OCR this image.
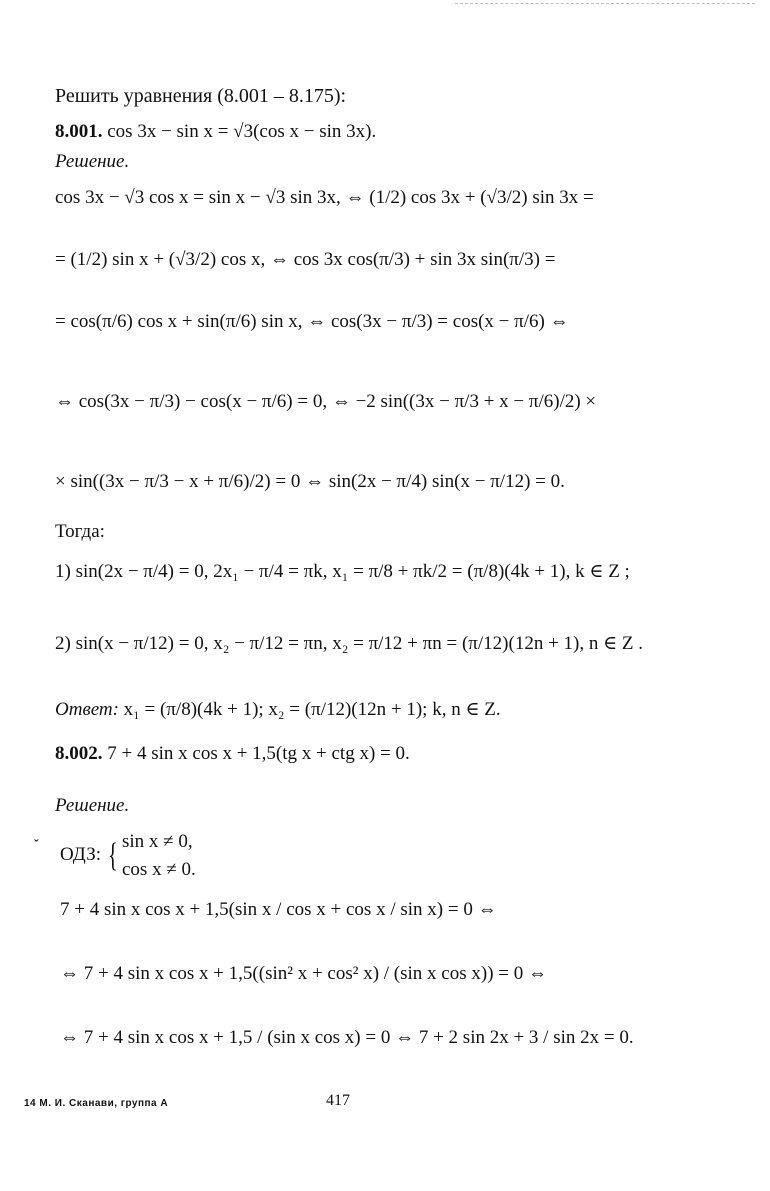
Решить уравнения (8.001 – 8.175):
8.001. cos 3x − sin x = √3(cos x − sin 3x).
Решение.
cos 3x − √3 cos x = sin x − √3 sin 3x, ⇔ (1/2) cos 3x + (√3/2) sin 3x =
= (1/2) sin x + (√3/2) cos x, ⇔ cos 3x cos(π/3) + sin 3x sin(π/3) =
= cos(π/6) cos x + sin(π/6) sin x, ⇔ cos(3x − π/3) = cos(x − π/6) ⇔
⇔ cos(3x − π/3) − cos(x − π/6) = 0, ⇔ −2 sin((3x − π/3 + x − π/6)/2) ×
× sin((3x − π/3 − x + π/6)/2) = 0 ⇔ sin(2x − π/4) sin(x − π/12) = 0.
Тогда:
1) sin(2x − π/4) = 0, 2x₁ − π/4 = πk, x₁ = π/8 + πk/2 = (π/8)(4k + 1), k ∈ Z ;
2) sin(x − π/12) = 0, x₂ − π/12 = πn, x₂ = π/12 + πn = (π/12)(12n + 1), n ∈ Z .
Ответ: x₁ = (π/8)(4k + 1); x₂ = (π/12)(12n + 1); k, n ∈ Z.
8.002. 7 + 4 sin x cos x + 1,5(tg x + ctg x) = 0.
Решение.
ˇ ОДЗ: { sin x ≠ 0,
cos x ≠ 0.
7 + 4 sin x cos x + 1,5(sin x / cos x + cos x / sin x) = 0 ⇔
⇔ 7 + 4 sin x cos x + 1,5((sin² x + cos² x) / (sin x cos x)) = 0 ⇔
⇔ 7 + 4 sin x cos x + 1,5 / (sin x cos x) = 0 ⇔ 7 + 2 sin 2x + 3 / sin 2x = 0.
14 М. И. Сканави, группа А	417
